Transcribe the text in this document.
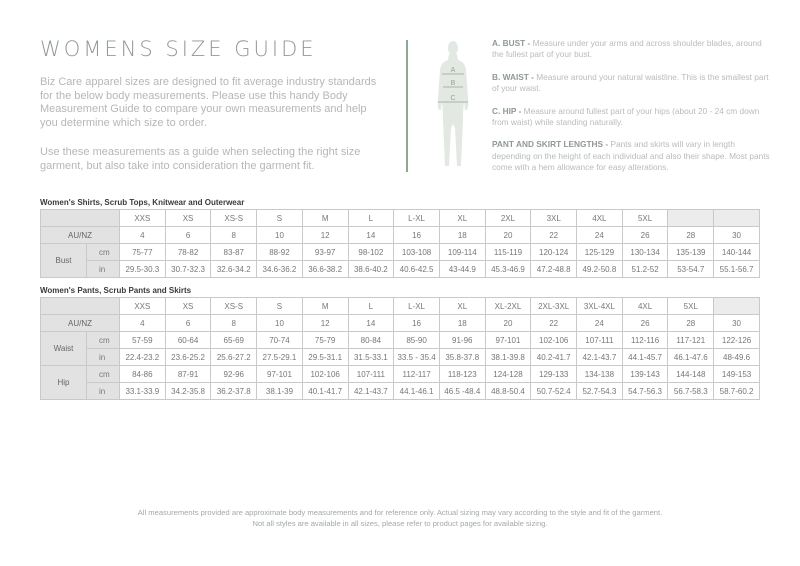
WOMENS SIZE GUIDE

Biz Care apparel sizes are designed to fit average industry standards for the below body measurements. Please use this handy Body Measurement Guide to compare your own measurements and help you determine which size to order.

Use these measurements as a guide when selecting the right size garment, but also take into consideration the garment fit.

A
B
C
A. BUST - Measure under your arms and across shoulder blades, around the fullest part of your bust.
B. WAIST - Measure around your natural waistline. This is the smallest part of your waist.
C. HIP - Measure around fullest part of your hips (about 20 - 24 cm down from waist) while standing naturally.
PANT AND SKIRT LENGTHS - Pants and skirts will vary in length depending on the height of each individual and also their shape. Most pants come with a hem allowance for easy alterations.
Women's Shirts, Scrub Tops, Knitwear and Outerwear
		XXS	XS	XS-S	S	M	L	L-XL	XL	2XL	3XL	4XL	5XL		
AU/NZ		4	6	8	10	12	14	16	18	20	22	24	26	28	30
Bust	cm	75-77	78-82	83-87	88-92	93-97	98-102	103-108	109-114	115-119	120-124	125-129	130-134	135-139	140-144
	in	29.5-30.3	30.7-32.3	32.6-34.2	34.6-36.2	36.6-38.2	38.6-40.2	40.6-42.5	43-44.9	45.3-46.9	47.2-48.8	49.2-50.8	51.2-52	53-54.7	55.1-56.7
Women's Pants, Scrub Pants and Skirts
		XXS	XS	XS-S	S	M	L	L-XL	XL	XL-2XL	2XL-3XL	3XL-4XL	4XL	5XL	
AU/NZ		4	6	8	10	12	14	16	18	20	22	24	26	28	30
Waist	cm	57-59	60-64	65-69	70-74	75-79	80-84	85-90	91-96	97-101	102-106	107-111	112-116	117-121	122-126
	in	22.4-23.2	23.6-25.2	25.6-27.2	27.5-29.1	29.5-31.1	31.5-33.1	33.5 - 35.4	35.8-37.8	38.1-39.8	40.2-41.7	42.1-43.7	44.1-45.7	46.1-47.6	48-49.6
Hip	cm	84-86	87-91	92-96	97-101	102-106	107-111	112-117	118-123	124-128	129-133	134-138	139-143	144-148	149-153
	in	33.1-33.9	34.2-35.8	36.2-37.8	38.1-39	40.1-41.7	42.1-43.7	44.1-46.1	46.5 -48.4	48.8-50.4	50.7-52.4	52.7-54.3	54.7-56.3	56.7-58.3	58.7-60.2
All measurements provided are approximate body measurements and for reference only. Actual sizing may vary according to the style and fit of the garment.
Not all styles are available in all sizes, please refer to product pages for available sizing.
